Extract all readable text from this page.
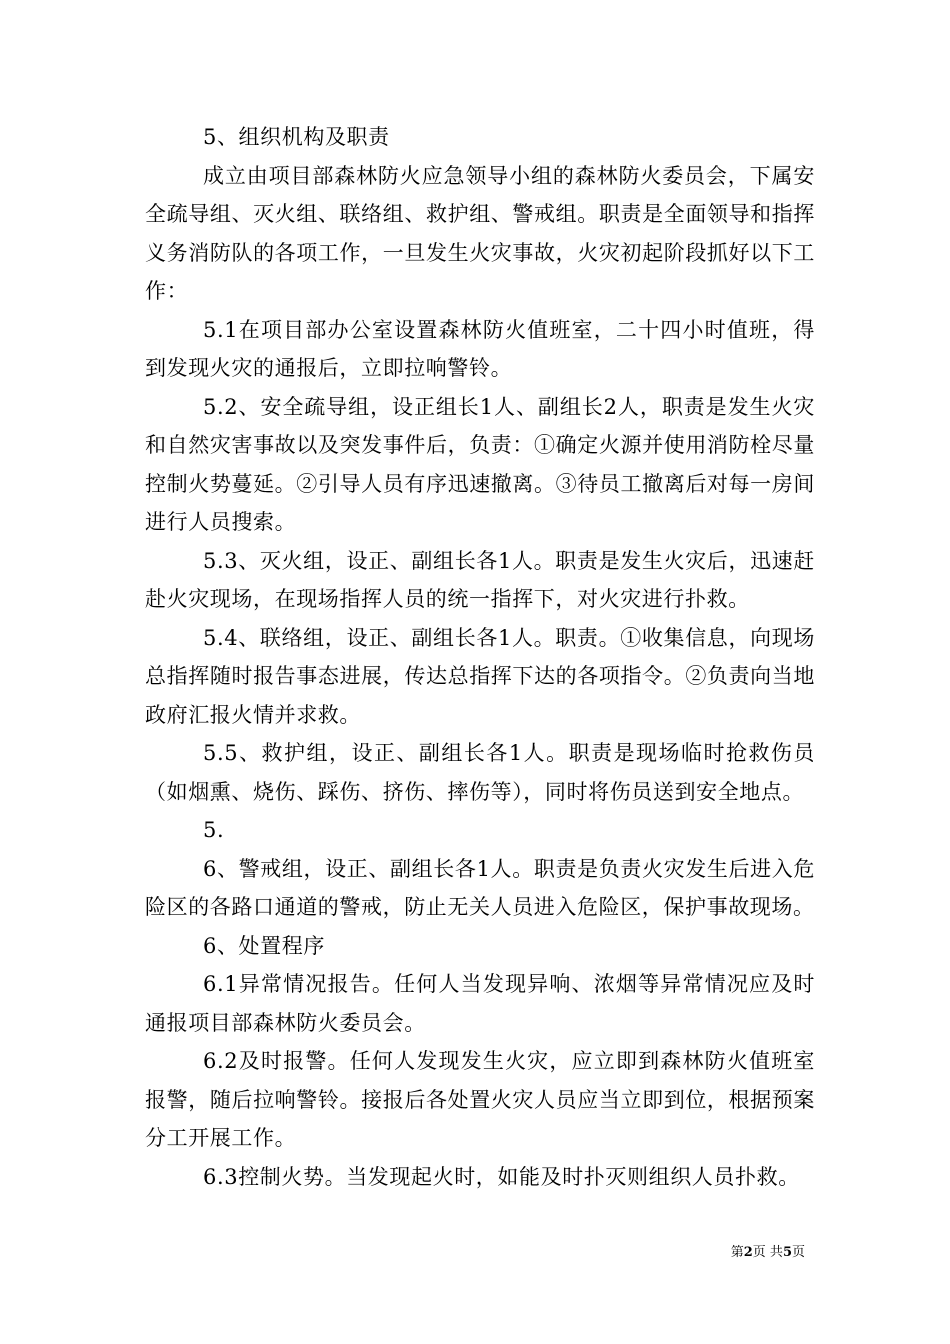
5、组织机构及职责

成立由项目部森林防火应急领导小组的森林防火委员会，下属安全疏导组、灭火组、联络组、救护组、警戒组。职责是全面领导和指挥义务消防队的各项工作，一旦发生火灾事故，火灾初起阶段抓好以下工作：

5.1在项目部办公室设置森林防火值班室，二十四小时值班，得到发现火灾的通报后，立即拉响警铃。

5.2、安全疏导组，设正组长1人、副组长2人，职责是发生火灾和自然灾害事故以及突发事件后，负责：①确定火源并使用消防栓尽量控制火势蔓延。②引导人员有序迅速撤离。③待员工撤离后对每一房间进行人员搜索。

5.3、灭火组，设正、副组长各1人。职责是发生火灾后，迅速赶赴火灾现场，在现场指挥人员的统一指挥下，对火灾进行扑救。

5.4、联络组，设正、副组长各1人。职责。①收集信息，向现场总指挥随时报告事态进展，传达总指挥下达的各项指令。②负责向当地政府汇报火情并求救。

5.5、救护组，设正、副组长各1人。职责是现场临时抢救伤员（如烟熏、烧伤、踩伤、挤伤、摔伤等），同时将伤员送到安全地点。

5.

6、警戒组，设正、副组长各1人。职责是负责火灾发生后进入危险区的各路口通道的警戒，防止无关人员进入危险区，保护事故现场。

6、处置程序

6.1异常情况报告。任何人当发现异响、浓烟等异常情况应及时通报项目部森林防火委员会。

6.2及时报警。任何人发现发生火灾，应立即到森林防火值班室报警，随后拉响警铃。接报后各处置火灾人员应当立即到位，根据预案分工开展工作。

6.3控制火势。当发现起火时，如能及时扑灭则组织人员扑救。

第2页 共5页
